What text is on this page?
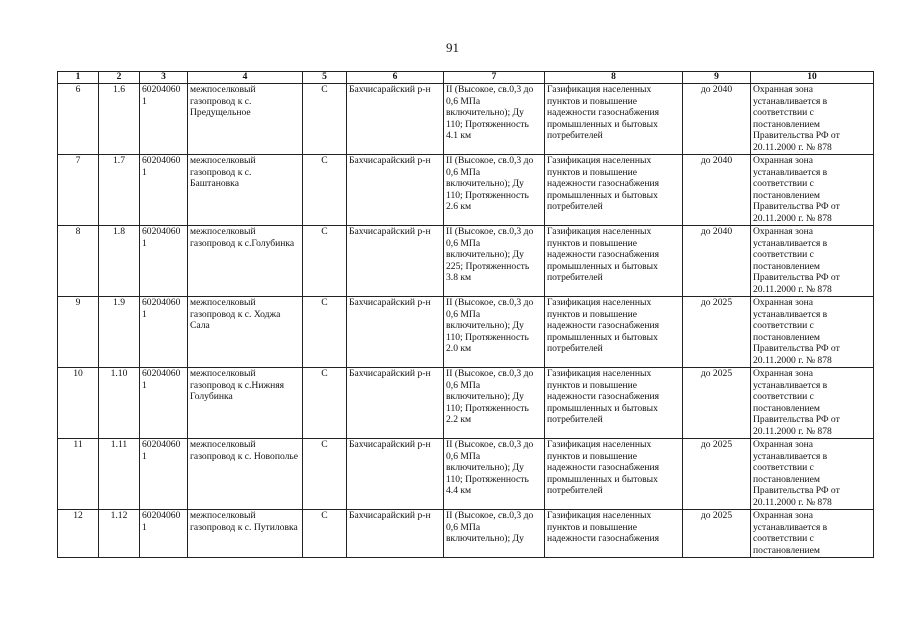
91
1	2	3	4	5	6	7	8	9	10
6	1.6	602040601	межпоселковый газопровод к с. Предущельное	С	Бахчисарайский р-н	II (Высокое, св.0,3 до 0,6 МПа включительно); Ду 110; Протяженность 4.1 км	Газификация населенных пунктов и повышение надежности газоснабжения промышленных и бытовых потребителей	до 2040	Охранная зона устанавливается в соответствии с постановлением Правительства РФ от 20.11.2000 г. № 878
7	1.7	602040601	межпоселковый газопровод к с. Баштановка	С	Бахчисарайский р-н	II (Высокое, св.0,3 до 0,6 МПа включительно); Ду 110; Протяженность 2.6 км	Газификация населенных пунктов и повышение надежности газоснабжения промышленных и бытовых потребителей	до 2040	Охранная зона устанавливается в соответствии с постановлением Правительства РФ от 20.11.2000 г. № 878
8	1.8	602040601	межпоселковый газопровод к с.Голубинка	С	Бахчисарайский р-н	II (Высокое, св.0,3 до 0,6 МПа включительно); Ду 225; Протяженность 3.8 км	Газификация населенных пунктов и повышение надежности газоснабжения промышленных и бытовых потребителей	до 2040	Охранная зона устанавливается в соответствии с постановлением Правительства РФ от 20.11.2000 г. № 878
9	1.9	602040601	межпоселковый газопровод к с. Ходжа Сала	С	Бахчисарайский р-н	II (Высокое, св.0,3 до 0,6 МПа включительно); Ду 110; Протяженность 2.0 км	Газификация населенных пунктов и повышение надежности газоснабжения промышленных и бытовых потребителей	до 2025	Охранная зона устанавливается в соответствии с постановлением Правительства РФ от 20.11.2000 г. № 878
10	1.10	602040601	межпоселковый газопровод к с.Нижняя Голубинка	С	Бахчисарайский р-н	II (Высокое, св.0,3 до 0,6 МПа включительно); Ду 110; Протяженность 2.2 км	Газификация населенных пунктов и повышение надежности газоснабжения промышленных и бытовых потребителей	до 2025	Охранная зона устанавливается в соответствии с постановлением Правительства РФ от 20.11.2000 г. № 878
11	1.11	602040601	межпоселковый газопровод к с. Новополье	С	Бахчисарайский р-н	II (Высокое, св.0,3 до 0,6 МПа включительно); Ду 110; Протяженность 4.4 км	Газификация населенных пунктов и повышение надежности газоснабжения промышленных и бытовых потребителей	до 2025	Охранная зона устанавливается в соответствии с постановлением Правительства РФ от 20.11.2000 г. № 878
12	1.12	602040601	межпоселковый газопровод к с. Путиловка	С	Бахчисарайский р-н	II (Высокое, св.0,3 до 0,6 МПа включительно); Ду	Газификация населенных пунктов и повышение надежности газоснабжения	до 2025	Охранная зона устанавливается в соответствии с постановлением
